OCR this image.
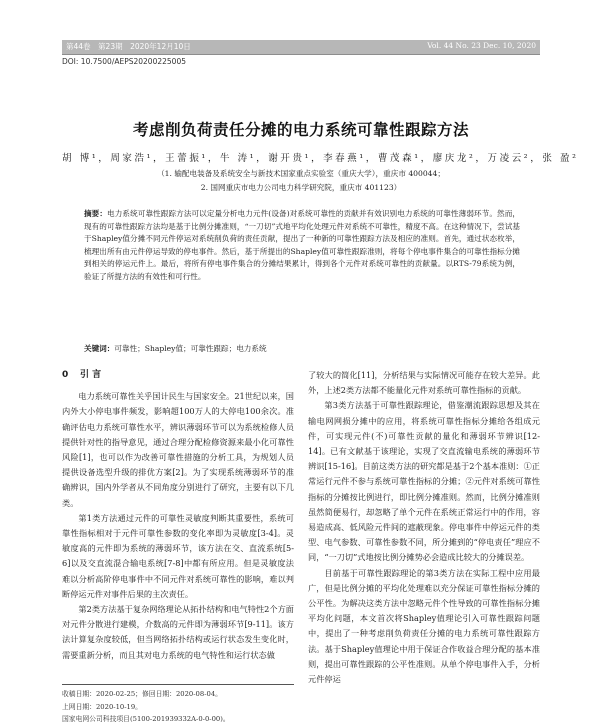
第44卷　第23期　2020年12月10日	Vol. 44 No. 23 Dec. 10, 2020
DOI: 10.7500/AEPS20200225005
考虑削负荷责任分摊的电力系统可靠性跟踪方法
胡 博¹，周家浩¹，王蕾振¹，牛 涛¹，谢开贵¹，李春燕¹，曹茂森¹，廖庆龙²，万凌云²，张 盈²
（1. 输配电装备及系统安全与新技术国家重点实验室（重庆大学），重庆市 400044；
2. 国网重庆市电力公司电力科学研究院，重庆市 401123）
摘要：电力系统可靠性跟踪方法可以定量分析电力元件(设备)对系统可靠性的贡献并有效识别电力系统的可靠性薄弱环节。然而，现有的可靠性跟踪方法均是基于比例分摊准则，“一刀切”式地平均化处理元件对系统不可靠性，精度不高。在这种情况下，尝试基于Shapley值分摊不同元件停运对系统削负荷的责任贡献，提出了一种新的可靠性跟踪方法及相应的准则。首先，通过状态枚举，梳理出所有由元件停运导致的停电事件。然后，基于所提出的Shapley值可靠性跟踪准则，将每个停电事件集合的可靠性指标分摊到相关的停运元件上。最后，将所有停电事件集合的分摊结果累计，得到各个元件对系统可靠性的贡献量。以RTS-79系统为例，验证了所提方法的有效性和可行性。
关键词：可靠性；Shapley值；可靠性跟踪；电力系统
0 引 言

电力系统可靠性关乎国计民生与国家安全。21世纪以来，国内外大小停电事件频发，影响超100万人的大停电100余次。准确评估电力系统可靠性水平，辨识薄弱环节可以为系统检修人员提供针对性的指导意见，通过合理分配检修资源来最小化可靠性风险[1]，也可以作为改善可靠性措施的分析工具，为规划人员提供设备选型升级的排优方案[2]。为了实现系统薄弱环节的准确辨识，国内外学者从不同角度分别进行了研究，主要有以下几类。

第1类方法通过元件的可靠性灵敏度判断其重要性，系统可靠性指标相对于元件可靠性参数的变化率即为灵敏度[3-4]。灵敏度高的元件即为系统的薄弱环节，该方法在交、直流系统[5-6]以及交直流混合输电系统[7-8]中都有所应用。但是灵敏度法难以分析高阶停电事件中不同元件对系统可靠性的影响，难以判断停运元件对事件后果的主次责任。

第2类方法基于复杂网络理论从拓扑结构和电气特性2个方面对元件分散进行建模，介数高的元件即为薄弱环节[9-11]。该方法计算复杂度较低，但当网络拓扑结构或运行状态发生变化时，需要重新分析，而且其对电力系统的电气特性和运行状态做

了较大的简化[11]，分析结果与实际情况可能存在较大差异。此外，上述2类方法都不能量化元件对系统可靠性指标的贡献。

第3类方法基于可靠性跟踪理论，借鉴潮流跟踪思想及其在输电网网损分摊中的应用，将系统可靠性指标分摊给各组成元件，可实现元件(不)可靠性贡献的量化和薄弱环节辨识[12-14]。已有文献基于该理论，实现了交直流输电系统的薄弱环节辨识[15-16]。目前这类方法的研究都是基于2个基本准则：①正常运行元件不参与系统可靠性指标的分摊；②元件对系统可靠性指标的分摊按比例进行，即比例分摊准则。然而，比例分摊准则虽然简便易行，却忽略了单个元件在系统正常运行中的作用，容易造成高、低风险元件间的遮蔽现象。停电事件中停运元件的类型、电气参数、可靠性参数不同，所分摊到的“停电责任”理应不同，“一刀切”式地按比例分摊势必会造成比较大的分摊误差。

目前基于可靠性跟踪理论的第3类方法在实际工程中应用最广，但是比例分摊的平均化处理难以充分保证可靠性指标分摊的公平性。为解决这类方法中忽略元件个性导致的可靠性指标分摊平均化问题，本文首次将Shapley值理论引入可靠性跟踪问题中，提出了一种考虑削负荷责任分摊的电力系统可靠性跟踪方法。基于Shapley值理论中用于保证合作收益合理分配的基本准则，提出可靠性跟踪的公平性准则。从单个停电事件入手，分析元件停运

收稿日期：2020-02-25；修回日期：2020-08-04。
上网日期：2020-10-19。
国家电网公司科技项目(5100-201939332A-0-0-00)。
